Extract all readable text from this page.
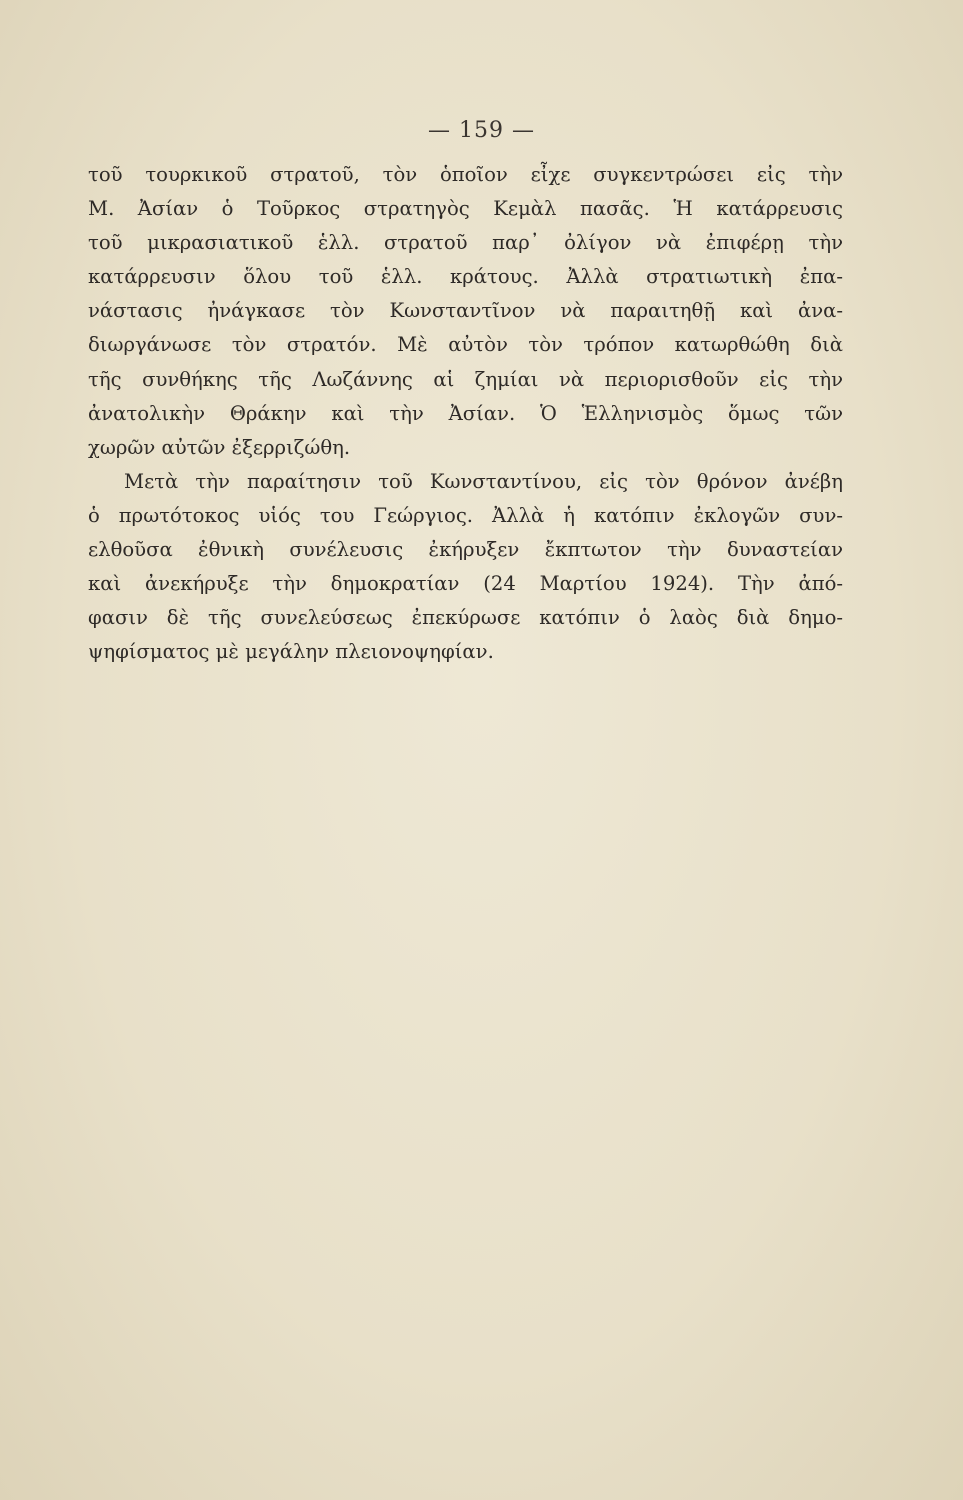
— 159 —
τοῦ τουρκικοῦ στρατοῦ, τὸν ὁποῖον εἶχε συγκεντρώσει εἰς τὴν
Μ. Ἀσίαν ὁ Τοῦρκος στρατηγὸς Κεμὰλ πασᾶς. Ἡ κατάρρευσις
τοῦ μικρασιατικοῦ ἑλλ. στρατοῦ παρ᾽ ὀλίγον νὰ ἐπιφέρῃ τὴν
κατάρρευσιν ὅλου τοῦ ἑλλ. κράτους. Ἀλλὰ στρατιωτικὴ ἐπα-
νάστασις ἠνάγκασε τὸν Κωνσταντῖνον νὰ παραιτηθῇ καὶ ἀνα-
διωργάνωσε τὸν στρατόν. Μὲ αὐτὸν τὸν τρόπον κατωρθώθη διὰ
τῆς συνθήκης τῆς Λωζάννης αἱ ζημίαι νὰ περιορισθοῦν εἰς τὴν
ἀνατολικὴν Θράκην καὶ τὴν Ἀσίαν. Ὁ Ἑλληνισμὸς ὅμως τῶν
χωρῶν αὐτῶν ἐξερριζώθη.
Μετὰ τὴν παραίτησιν τοῦ Κωνσταντίνου, εἰς τὸν θρόνον ἀνέβη
ὁ πρωτότοκος υἱός του Γεώργιος. Ἀλλὰ ἡ κατόπιν ἐκλογῶν συν-
ελθοῦσα ἐθνικὴ συνέλευσις ἐκήρυξεν ἔκπτωτον τὴν δυναστείαν
καὶ ἀνεκήρυξε τὴν δημοκρατίαν (24 Μαρτίου 1924). Τὴν ἀπό-
φασιν δὲ τῆς συνελεύσεως ἐπεκύρωσε κατόπιν ὁ λαὸς διὰ δημο-
ψηφίσματος μὲ μεγάλην πλειονοψηφίαν.
